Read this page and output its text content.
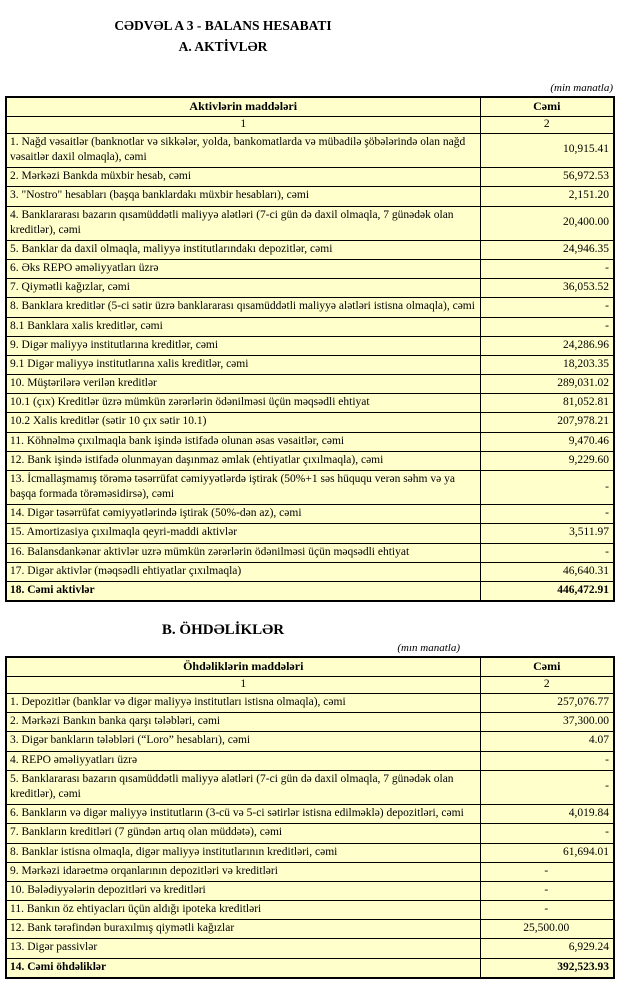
CƏDVƏL A 3 - BALANS HESABATI
A. AKTİVLƏR
(min manatla)
Aktivlərin maddələri	Cəmi
1	2
1. Nağd vəsaitlər (banknotlar və sikkələr, yolda, bankomatlarda və mübadilə şöbələrində olan nağd vəsaitlər daxil olmaqla), cəmi	10,915.41
2. Mərkəzi Bankda müxbir hesab, cəmi	56,972.53
3. "Nostro" hesabları (başqa banklardakı müxbir hesabları), cəmi	2,151.20
4. Banklararası bazarın qısamüddətli maliyyə alətləri (7-ci gün də daxil olmaqla, 7 günədək olan kreditlər), cəmi	20,400.00
5. Banklar da daxil olmaqla, maliyyə institutlarındakı depozitlər, cəmi	24,946.35
6. Əks REPO əməliyyatları üzrə	-
7. Qiymətli kağızlar, cəmi	36,053.52
8. Banklara kreditlər (5-ci sətir üzrə banklararası qısamüddətli maliyyə alətləri istisna olmaqla), cəmi	-
8.1 Banklara xalis kreditlər, cəmi	-
9. Digər maliyyə institutlarına kreditlər, cəmi	24,286.96
9.1 Digər maliyyə institutlarına xalis kreditlər, cəmi	18,203.35
10. Müştərilərə verilən kreditlər	289,031.02
10.1 (çıx) Kreditlər üzrə mümkün zərərlərin ödənilməsi üçün məqsədli ehtiyat	81,052.81
10.2 Xalis kreditlər (sətir 10 çıx sətir 10.1)	207,978.21
11. Köhnəlmə çıxılmaqla bank işində istifadə olunan əsas vəsaitlər, cəmi	9,470.46
12. Bank işində istifadə olunmayan daşınmaz əmlak (ehtiyatlar çıxılmaqla), cəmi	9,229.60
13. İcmallaşmamış törəmə təsərrüfat cəmiyyətlərdə iştirak (50%+1 səs hüququ verən səhm və ya başqa formada törəməsidirsə), cəmi	-
14. Digər təsərrüfat cəmiyyətlərində iştirak (50%-dən az), cəmi	-
15. Amortizasiya çıxılmaqla qeyri-maddi aktivlər	3,511.97
16. Balansdankənar aktivlər uzrə mümkün zərərlərin ödənilməsi üçün məqsədli ehtiyat	-
17. Digər aktivlər (məqsədli ehtiyatlar çıxılmaqla)	46,640.31
18. Cəmi aktivlər	446,472.91
B. ÖHDƏLİKLƏR
(mın manatla)
Öhdəliklərin maddələri	Cəmi
1	2
1. Depozitlər (banklar və digər maliyyə institutları istisna olmaqla), cəmi	257,076.77
2. Mərkəzi Bankın banka qarşı tələbləri, cəmi	37,300.00
3. Digər bankların tələbləri (“Loro” hesabları), cəmi	4.07
4. REPO əməliyyatları üzrə	-
5. Banklararası bazarın qısamüddətli maliyyə alətləri (7-ci gün də daxil olmaqla, 7 günədək olan kreditlər), cəmi	-
6. Bankların və digər maliyyə institutların (3-cü və 5-ci sətirlər istisna edilməklə) depozitləri, cəmi	4,019.84
7. Bankların kreditləri (7 gündən artıq olan müddətə), cəmi	-
8. Banklar istisna olmaqla, digər maliyyə institutlarının kreditləri, cəmi	61,694.01
9. Mərkəzi idarəetmə orqanlarının depozitləri və kreditləri	-
10. Bələdiyyələrin depozitləri və kreditləri	-
11. Bankın öz ehtiyacları üçün aldığı ipoteka kreditləri	-
12. Bank tərəfindən buraxılmış qiymətli kağızlar	25,500.00
13. Digər passivlər	6,929.24
14. Cəmi öhdəliklər	392,523.93
